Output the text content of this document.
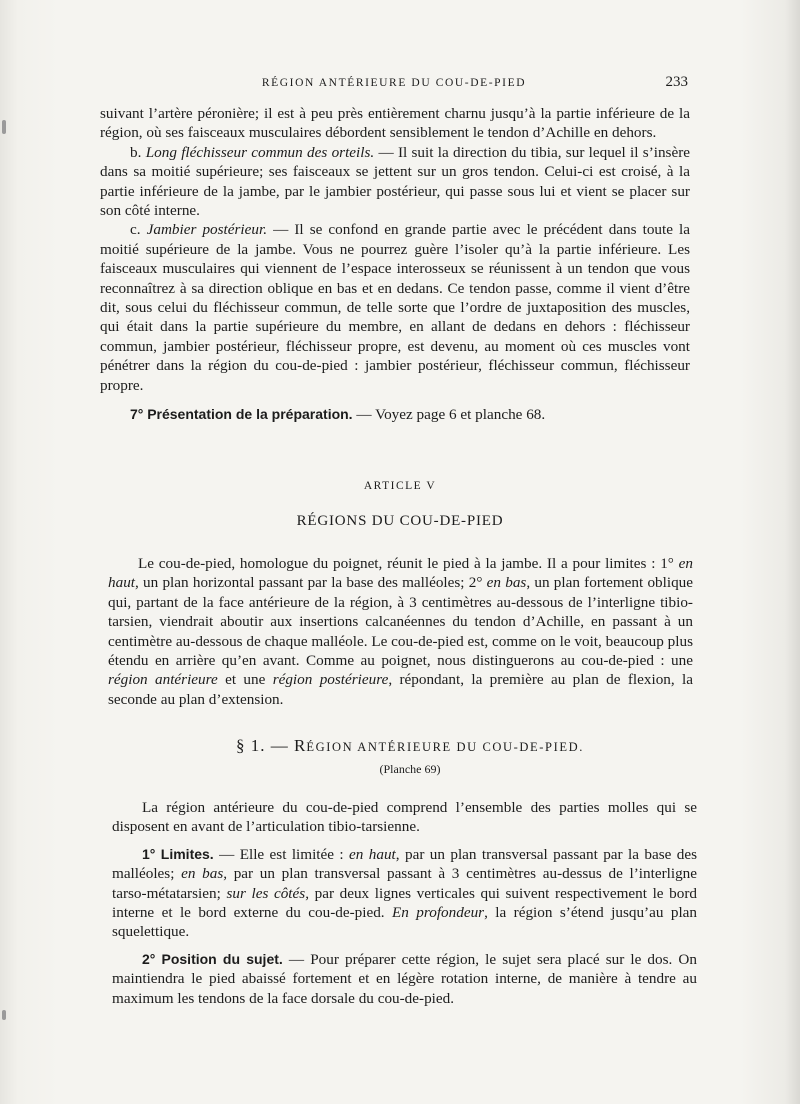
RÉGION ANTÉRIEURE DU COU-DE-PIED	233

suivant l’artère péronière; il est à peu près entièrement charnu jusqu’à la partie inférieure de la région, où ses faisceaux musculaires débordent sensiblement le tendon d’Achille en dehors.

b. Long fléchisseur commun des orteils. — Il suit la direction du tibia, sur lequel il s’insère dans sa moitié supérieure; ses faisceaux se jettent sur un gros tendon. Celui-ci est croisé, à la partie inférieure de la jambe, par le jambier postérieur, qui passe sous lui et vient se placer sur son côté interne.

c. Jambier postérieur. — Il se confond en grande partie avec le précédent dans toute la moitié supérieure de la jambe. Vous ne pourrez guère l’isoler qu’à la partie inférieure. Les faisceaux musculaires qui viennent de l’espace interosseux se réunissent à un tendon que vous reconnaîtrez à sa direction oblique en bas et en dedans. Ce tendon passe, comme il vient d’être dit, sous celui du fléchisseur commun, de telle sorte que l’ordre de juxtaposition des muscles, qui était dans la partie supérieure du membre, en allant de dedans en dehors : fléchisseur commun, jambier postérieur, fléchisseur propre, est devenu, au moment où ces muscles vont pénétrer dans la région du cou-de-pied : jambier postérieur, fléchisseur commun, fléchisseur propre.

7° Présentation de la préparation. — Voyez page 6 et planche 68.

ARTICLE V
RÉGIONS DU COU-DE-PIED

Le cou-de-pied, homologue du poignet, réunit le pied à la jambe. Il a pour limites : 1° en haut, un plan horizontal passant par la base des malléoles; 2° en bas, un plan fortement oblique qui, partant de la face antérieure de la région, à 3 centimètres au-dessous de l’interligne tibio-tarsien, viendrait aboutir aux insertions calcanéennes du tendon d’Achille, en passant à un centimètre au-dessous de chaque malléole. Le cou-de-pied est, comme on le voit, beaucoup plus étendu en arrière qu’en avant. Comme au poignet, nous distinguerons au cou-de-pied : une région antérieure et une région postérieure, répondant, la première au plan de flexion, la seconde au plan d’extension.

§ 1. — RÉGION ANTÉRIEURE DU COU-DE-PIED.
(Planche 69)

La région antérieure du cou-de-pied comprend l’ensemble des parties molles qui se disposent en avant de l’articulation tibio-tarsienne.

1° Limites. — Elle est limitée : en haut, par un plan transversal passant par la base des malléoles; en bas, par un plan transversal passant à 3 centimètres au-dessus de l’interligne tarso-métatarsien; sur les côtés, par deux lignes verticales qui suivent respectivement le bord interne et le bord externe du cou-de-pied. En profondeur, la région s’étend jusqu’au plan squelettique.

2° Position du sujet. — Pour préparer cette région, le sujet sera placé sur le dos. On maintiendra le pied abaissé fortement et en légère rotation interne, de manière à tendre au maximum les tendons de la face dorsale du cou-de-pied.
